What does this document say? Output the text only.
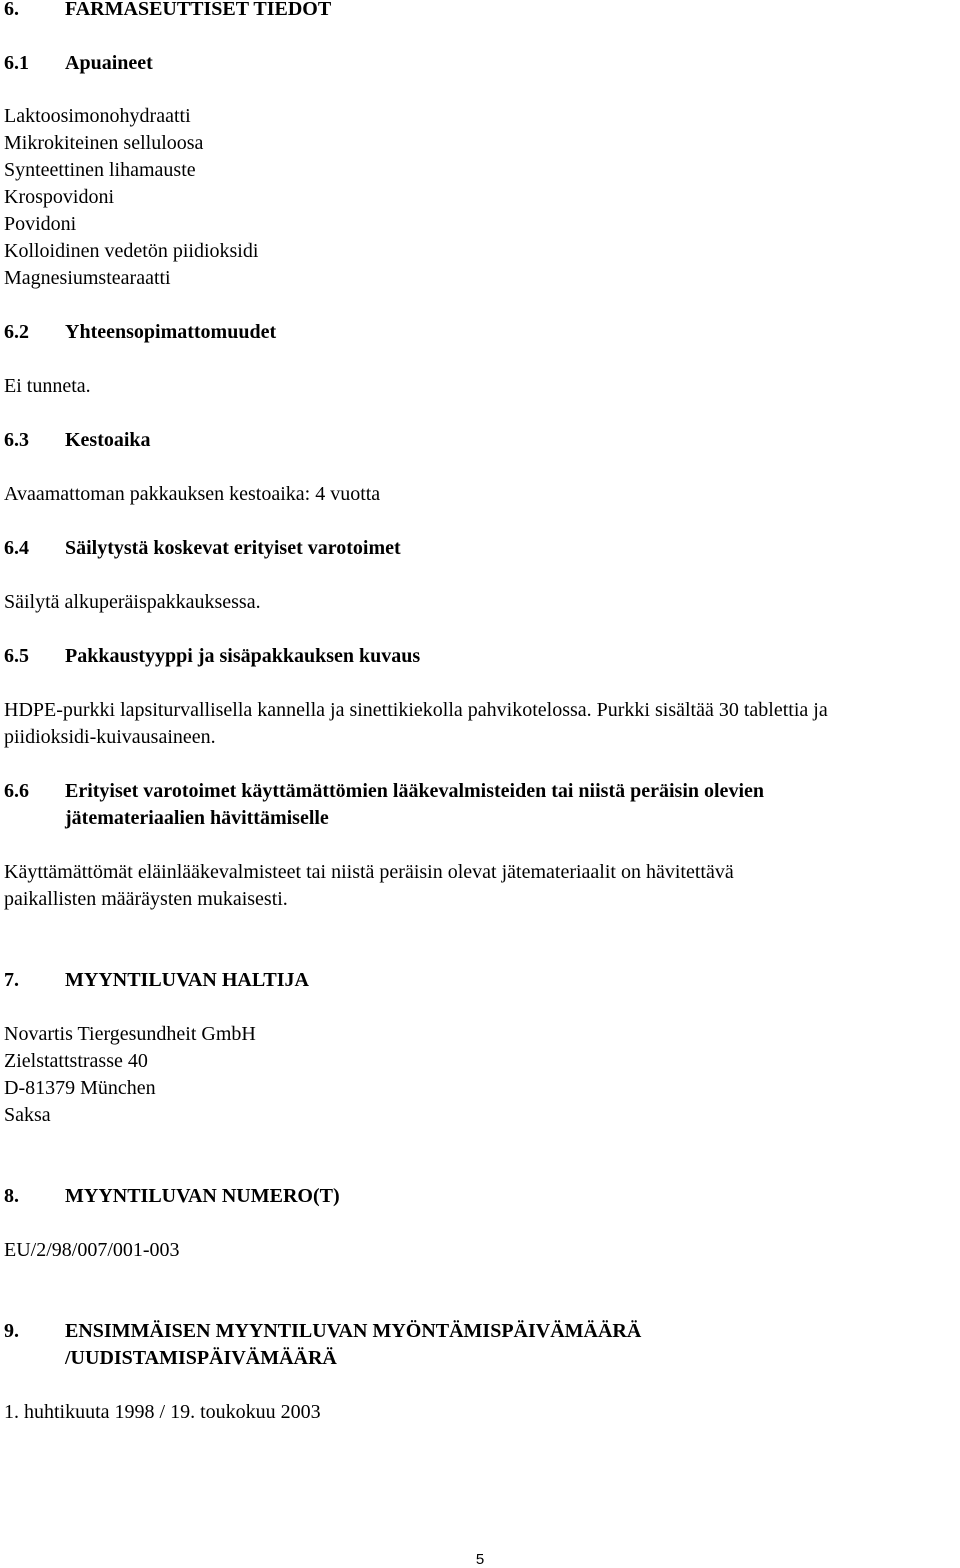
6. FARMASEUTTISET TIEDOT
6.1 Apuaineet
Laktoosimonohydraatti
Mikrokiteinen selluloosa
Synteettinen lihamauste
Krospovidoni
Povidoni
Kolloidinen vedetön piidioksidi
Magnesiumstearaatti
6.2 Yhteensopimattomuudet
Ei tunneta.
6.3 Kestoaika
Avaamattoman pakkauksen kestoaika: 4 vuotta
6.4 Säilytystä koskevat erityiset varotoimet
Säilytä alkuperäispakkauksessa.
6.5 Pakkaustyyppi ja sisäpakkauksen kuvaus
HDPE-purkki lapsiturvallisella kannella ja sinettikiekolla pahvikotelossa. Purkki sisältää 30 tablettia ja
piidioksidi-kuivausaineen.
6.6 Erityiset varotoimet käyttämättömien lääkevalmisteiden tai niistä peräisin olevien
jätemateriaalien hävittämiselle
Käyttämättömät eläinlääkevalmisteet tai niistä peräisin olevat jätemateriaalit on hävitettävä
paikallisten määräysten mukaisesti.
7. MYYNTILUVAN HALTIJA
Novartis Tiergesundheit GmbH
Zielstattstrasse 40
D-81379 München
Saksa
8. MYYNTILUVAN NUMERO(T)
EU/2/98/007/001-003
9. ENSIMMÄISEN MYYNTILUVAN MYÖNTÄMISPÄIVÄMÄÄRÄ
/UUDISTAMISPÄIVÄMÄÄRÄ
1. huhtikuuta 1998 / 19. toukokuu 2003
5
